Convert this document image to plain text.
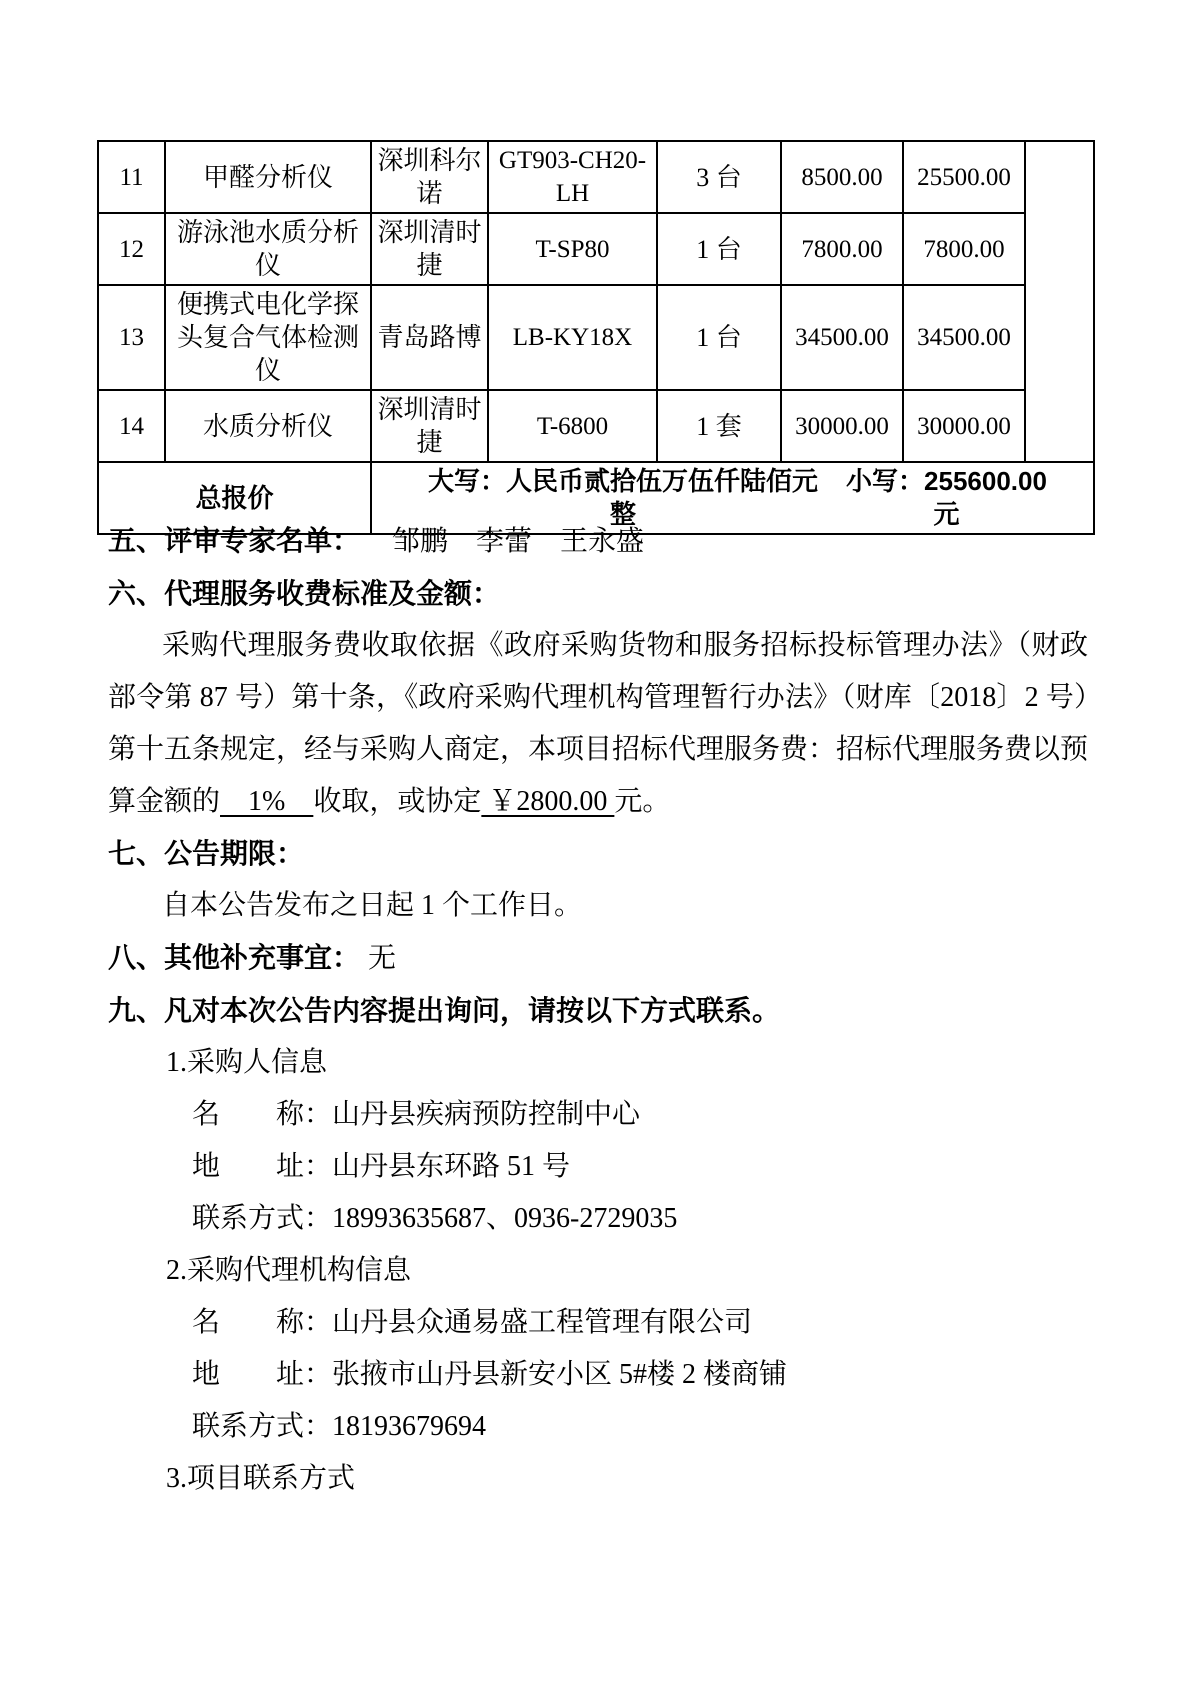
11	甲醛分析仪	深圳科尔诺	GT903-CH20-LH	3 台	8500.00	25500.00	
12	游泳池水质分析仪	深圳清时捷	T-SP80	1 台	7800.00	7800.00	
13	便携式电化学探头复合气体检测仪	青岛路博	LB-KY18X	1 台	34500.00	34500.00	
14	水质分析仪	深圳清时捷	T-6800	1 套	30000.00	30000.00	
总报价		大写：人民币贰拾伍万伍仟陆佰元整
小写：255600.00 元					
五、评审专家名单： 邹鹏　李蕾　王永盛
六、代理服务收费标准及金额：

采购代理服务费收取依据《政府采购货物和服务招标投标管理办法》（财政部令第 87 号）第十条，《政府采购代理机构管理暂行办法》（财库〔2018〕2 号）第十五条规定，经与采购人商定，本项目招标代理服务费：招标代理服务费以预算金额的　1%　收取，或协定 ￥2800.00 元。

七、公告期限：
自本公告发布之日起 1 个工作日。
八、其他补充事宜： 无
九、凡对本次公告内容提出询问，请按以下方式联系。
1.采购人信息
名　　称：山丹县疾病预防控制中心
地　　址：山丹县东环路 51 号
联系方式：18993635687、0936-2729035
2.采购代理机构信息
名　　称：山丹县众通易盛工程管理有限公司
地　　址：张掖市山丹县新安小区 5#楼 2 楼商铺
联系方式：18193679694
3.项目联系方式
